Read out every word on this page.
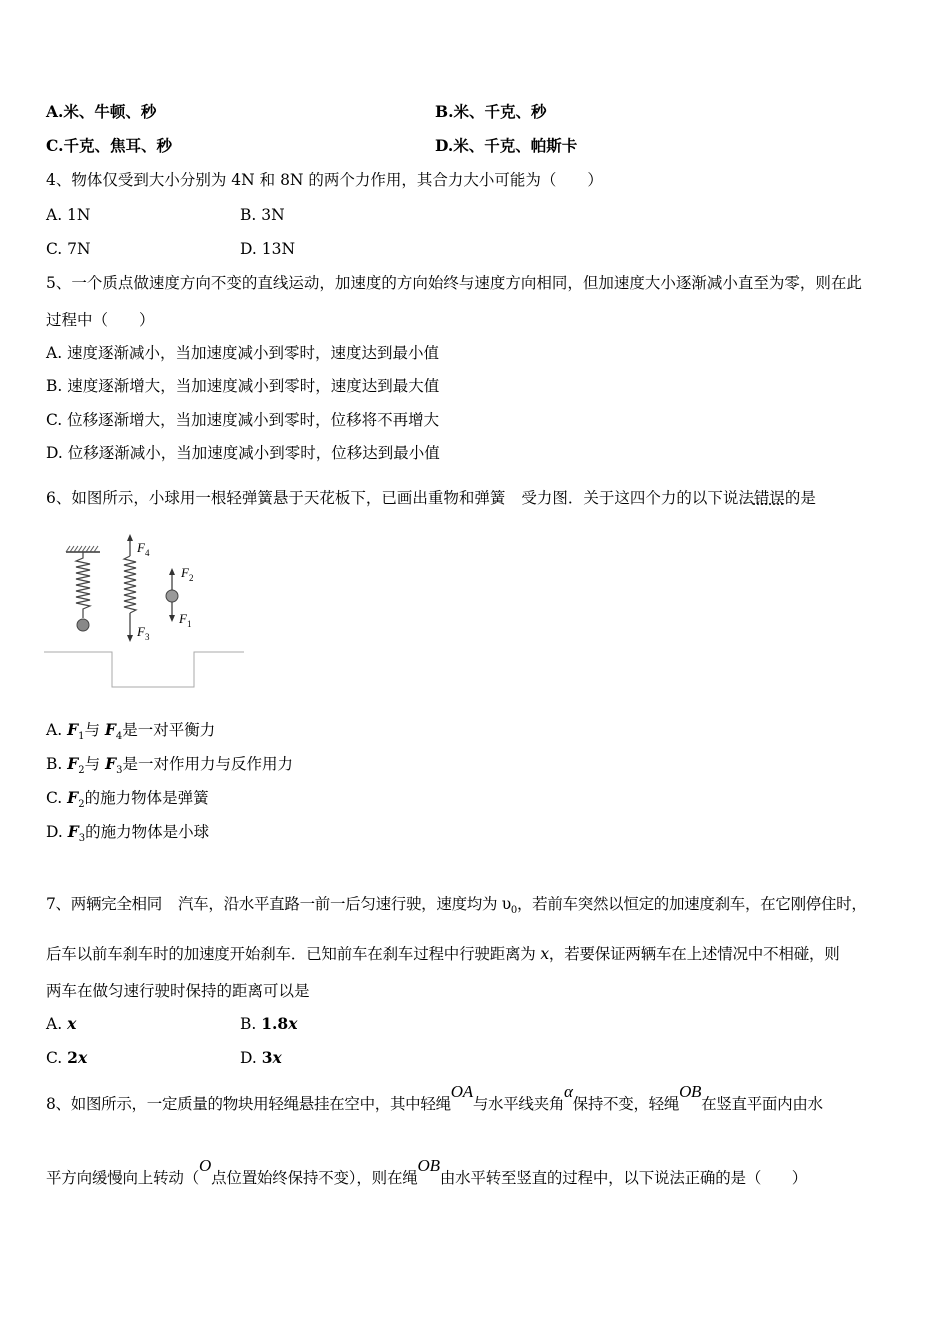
A.米、牛顿、秒	B.米、千克、秒
C.千克、焦耳、秒	D.米、千克、帕斯卡
4、物体仅受到大小分别为 4N 和 8N 的两个力作用，其合力大小可能为（　　）
A. 1N	B. 3N
C. 7N	D. 13N
5、一个质点做速度方向不变的直线运动，加速度的方向始终与速度方向相同，但加速度大小逐渐减小直至为零，则在此
过程中（　　）
A. 速度逐渐减小，当加速度减小到零时，速度达到最小值
B. 速度逐渐增大，当加速度减小到零时，速度达到最大值
C. 位移逐渐增大，当加速度减小到零时，位移将不再增大
D. 位移逐渐减小，当加速度减小到零时，位移达到最小值
6、如图所示，小球用一根轻弹簧悬于天花板下，已画出重物和弹簧 受力图．关于这四个力的以下说法错误的是
F 4
F 3
F 2
F 1
A. $F_1$与 $F_4$是一对平衡力
B. $F_2$与 $F_3$是一对作用力与反作用力
C. $F_2$的施力物体是弹簧
D. $F_3$的施力物体是小球
7、两辆完全相同 汽车，沿水平直路一前一后匀速行驶，速度均为 $\upsilon_0$，若前车突然以恒定的加速度刹车，在它刚停住时，
后车以前车刹车时的加速度开始刹车．已知前车在刹车过程中行驶距离为 x，若要保证两辆车在上述情况中不相碰，则
两车在做匀速行驶时保持的距离可以是
A. x	B. 1.8x
C. 2x	D. 3x
8、如图所示，一定质量的物块用轻绳悬挂在空中，其中轻绳OA与水平线夹角α保持不变，轻绳OB在竖直平面内由水
平方向缓慢向上转动（O点位置始终保持不变），则在绳OB由水平转至竖直的过程中，以下说法正确的是（　　）
